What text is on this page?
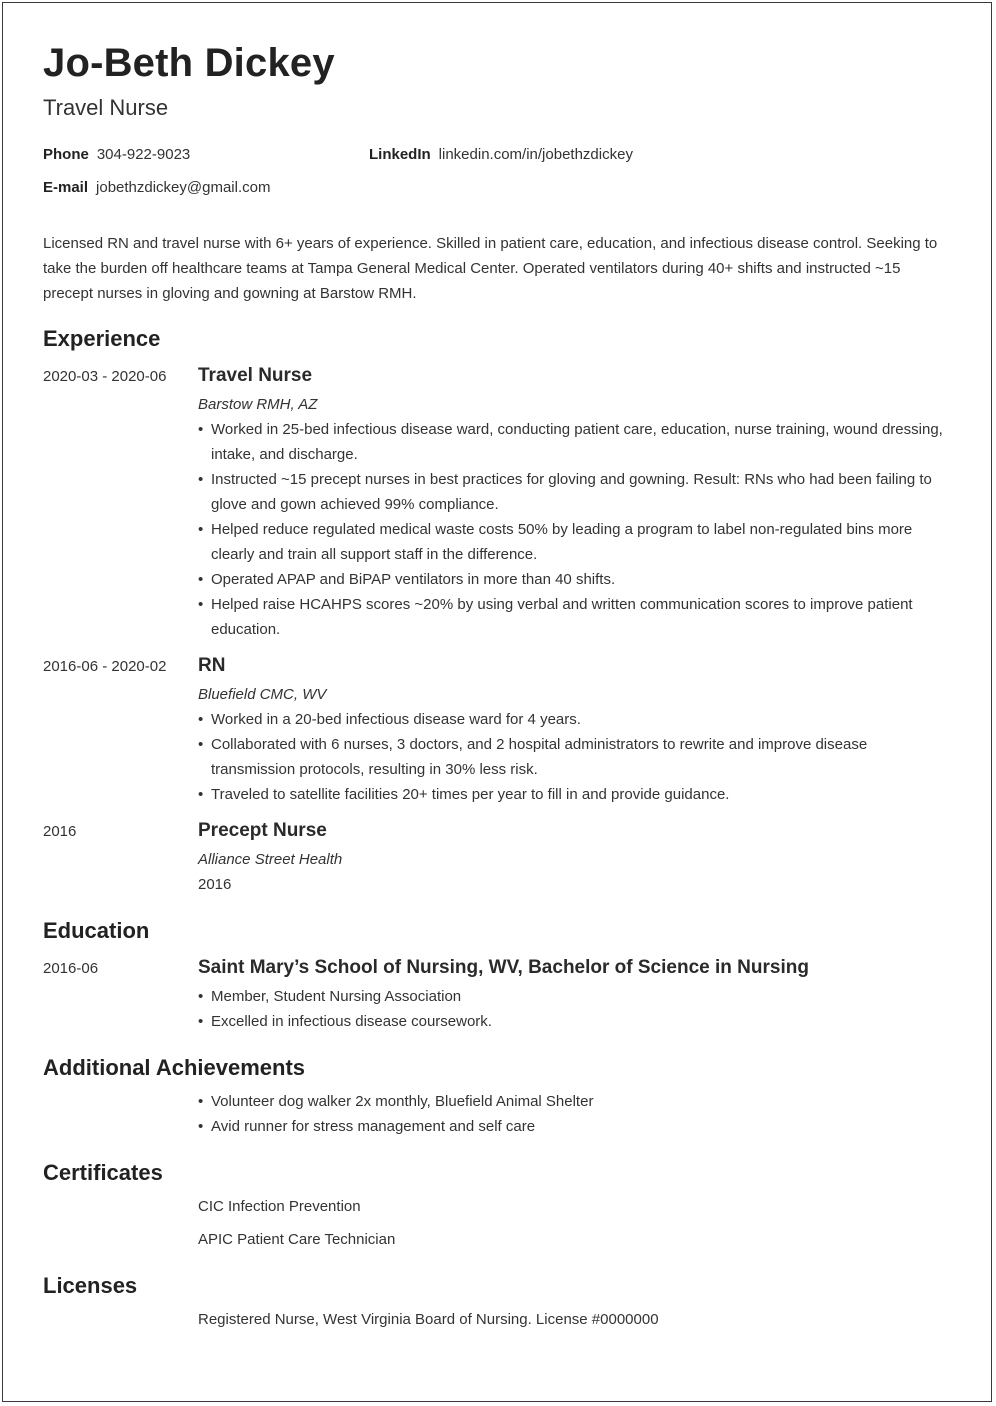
Jo-Beth Dickey
Travel Nurse
Phone 304-922-9023	LinkedIn linkedin.com/in/jobethzdickey
E-mail jobethzdickey@gmail.com
Licensed RN and travel nurse with 6+ years of experience. Skilled in patient care, education, and infectious disease control. Seeking to take the burden off healthcare teams at Tampa General Medical Center. Operated ventilators during 40+ shifts and instructed ~15 precept nurses in gloving and gowning at Barstow RMH.
Experience
2020-03 - 2020-06 Travel Nurse
Barstow RMH, AZ
• Worked in 25-bed infectious disease ward, conducting patient care, education, nurse training, wound dressing, intake, and discharge.
• Instructed ~15 precept nurses in best practices for gloving and gowning. Result: RNs who had been failing to glove and gown achieved 99% compliance.
• Helped reduce regulated medical waste costs 50% by leading a program to label non-regulated bins more clearly and train all support staff in the difference.
• Operated APAP and BiPAP ventilators in more than 40 shifts.
• Helped raise HCAHPS scores ~20% by using verbal and written communication scores to improve patient education.
2016-06 - 2020-02 RN
Bluefield CMC, WV
• Worked in a 20-bed infectious disease ward for 4 years.
• Collaborated with 6 nurses, 3 doctors, and 2 hospital administrators to rewrite and improve disease transmission protocols, resulting in 30% less risk.
• Traveled to satellite facilities 20+ times per year to fill in and provide guidance.
2016	Precept Nurse
Alliance Street Health
2016
Education
2016-06	Saint Mary’s School of Nursing, WV, Bachelor of Science in Nursing
• Member, Student Nursing Association
• Excelled in infectious disease coursework.
Additional Achievements
• Volunteer dog walker 2x monthly, Bluefield Animal Shelter
• Avid runner for stress management and self care
Certificates
CIC Infection Prevention
APIC Patient Care Technician
Licenses
Registered Nurse, West Virginia Board of Nursing. License #0000000
